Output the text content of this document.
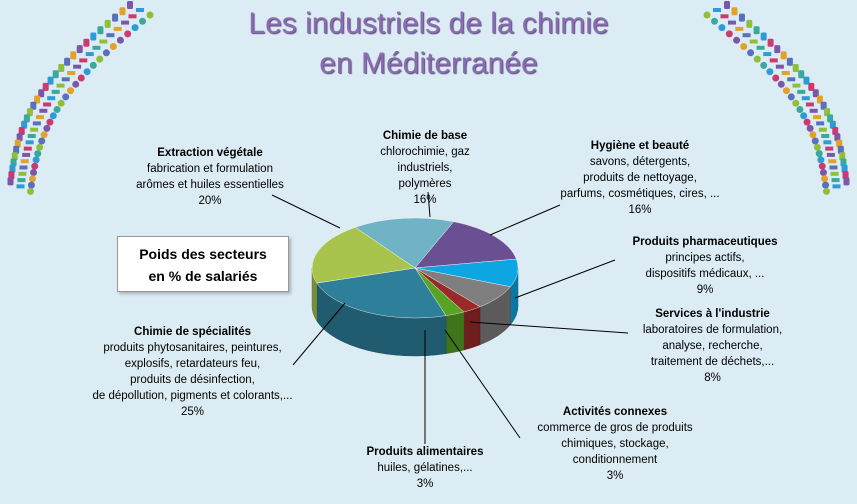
Les industriels de la chimie
en Méditerranée
Poids des secteurs
en % de salariés
Chimie de base
chlorochimie, gaz
industriels, polymères
16%
Hygiène et beauté
savons, détergents,
produits de nettoyage,
parfums, cosmétiques, cires, ...
16%
Produits pharmaceutiques
principes actifs,
dispositifs médicaux, ...
9%
Services à l'industrie
laboratoires de formulation,
analyse, recherche,
traitement de déchets,...
8%
Activités connexes
commerce de gros de produits
chimiques, stockage,
conditionnement
3%
Produits alimentaires
huiles, gélatines,...
3%
Chimie de spécialités
produits phytosanitaires, peintures,
explosifs, retardateurs feu,
produits de désinfection,
de dépollution, pigments et colorants,...
25%
Extraction végétale
fabrication et formulation
arômes et huiles essentielles
20%
